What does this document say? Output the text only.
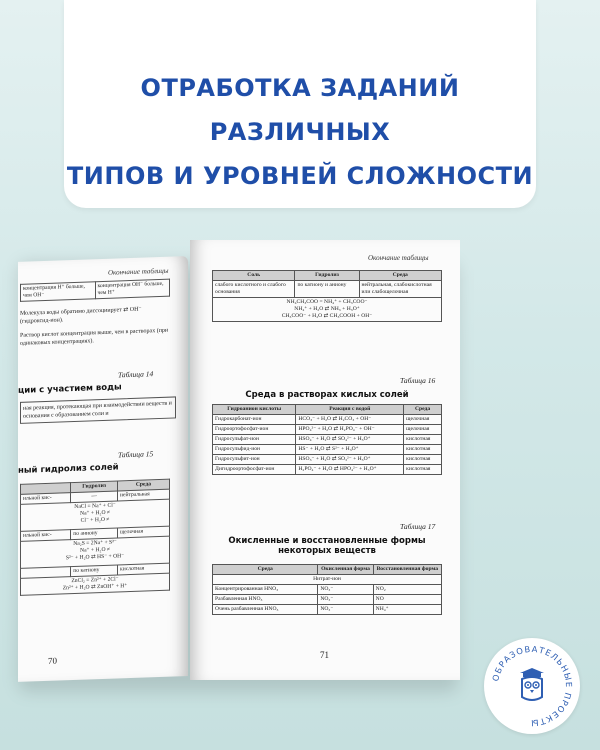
ОТРАБОТКА ЗАДАНИЙ РАЗЛИЧНЫХ
ТИПОВ И УРОВНЕЙ СЛОЖНОСТИ
Окончание таблицы
концентрация H⁺ больше, чем OH⁻	концентрация OH⁻ больше, чем H⁺
Молекула воды обратимо диссоциирует ⇄ OH⁻ (гидроксид-ион).
Раствор кислот концентрация выше, чем в растворах (при одинаковых концентрациях).
Таблица 14
ции с участием воды
ная реакция, протекающая при взаимодействии веществ и основания с образованием соли и
Таблица 15
ный гидролиз солей
	Гидролиз	Среда
ильной кис-	—	нейтральная

NaCl = Na⁺ + Cl⁻
Na⁺ + H₂O ≠
Cl⁻ + H₂O ≠		

ильной кис-	по аниону	щелочная

Na₂S = 2Na⁺ + S²⁻
Na⁺ + H₂O ≠
S²⁻ + H₂O ⇄ HS⁻ + OH⁻		

	по катиону	кислотная

ZnCl₂ = Zn²⁺ + 2Cl⁻
Zn²⁺ + H₂O ⇄ ZnOH⁺ + H⁺		
70
Окончание таблицы
Соль	Гидролиз	Среда
слабого кислотного и слабого основания	по катиону и аниону	нейтральная, слабокислотная или слабощелочная

NH₄CH₃COO = NH₄⁺ + CH₃COO⁻
NH₄⁺ + H₂O ⇄ NH₃ + H₃O⁺
CH₃COO⁻ + H₂O ⇄ CH₃COOH + OH⁻		
Таблица 16
Среда в растворах кислых солей
Гидроанион кислоты	Реакция с водой	Среда
Гидрокарбонат-ион	HCO₃⁻ + H₂O ⇄ H₂CO₃ + OH⁻	щелочная
Гидроортофосфат-ион	HPO₄²⁻ + H₂O ⇄ H₂PO₄⁻ + OH⁻	щелочная
Гидросульфат-ион	HSO₄⁻ + H₂O ⇄ SO₄²⁻ + H₃O⁺	кислотная
Гидросульфид-ион	HS⁻ + H₂O ⇄ S²⁻ + H₃O⁺	кислотная
Гидросульфит-ион	HSO₃⁻ + H₂O ⇄ SO₃²⁻ + H₃O⁺	кислотная
Дигидроортофосфат-ион	H₂PO₄⁻ + H₂O ⇄ HPO₄²⁻ + H₃O⁺	кислотная
Таблица 17
Окисленные и восстановленные формы
некоторых веществ
Среда	Окисленная форма	Восстановленная форма
Нитрат-ион		
Концентрированная HNO₃	NO₃⁻	NO₂
Разбавленная HNO₃	NO₃⁻	NO
Очень разбавленная HNO₃	NO₃⁻	NH₄⁺
71
ОБРАЗОВАТЕЛЬНЫЕ ПРОЕКТЫ
